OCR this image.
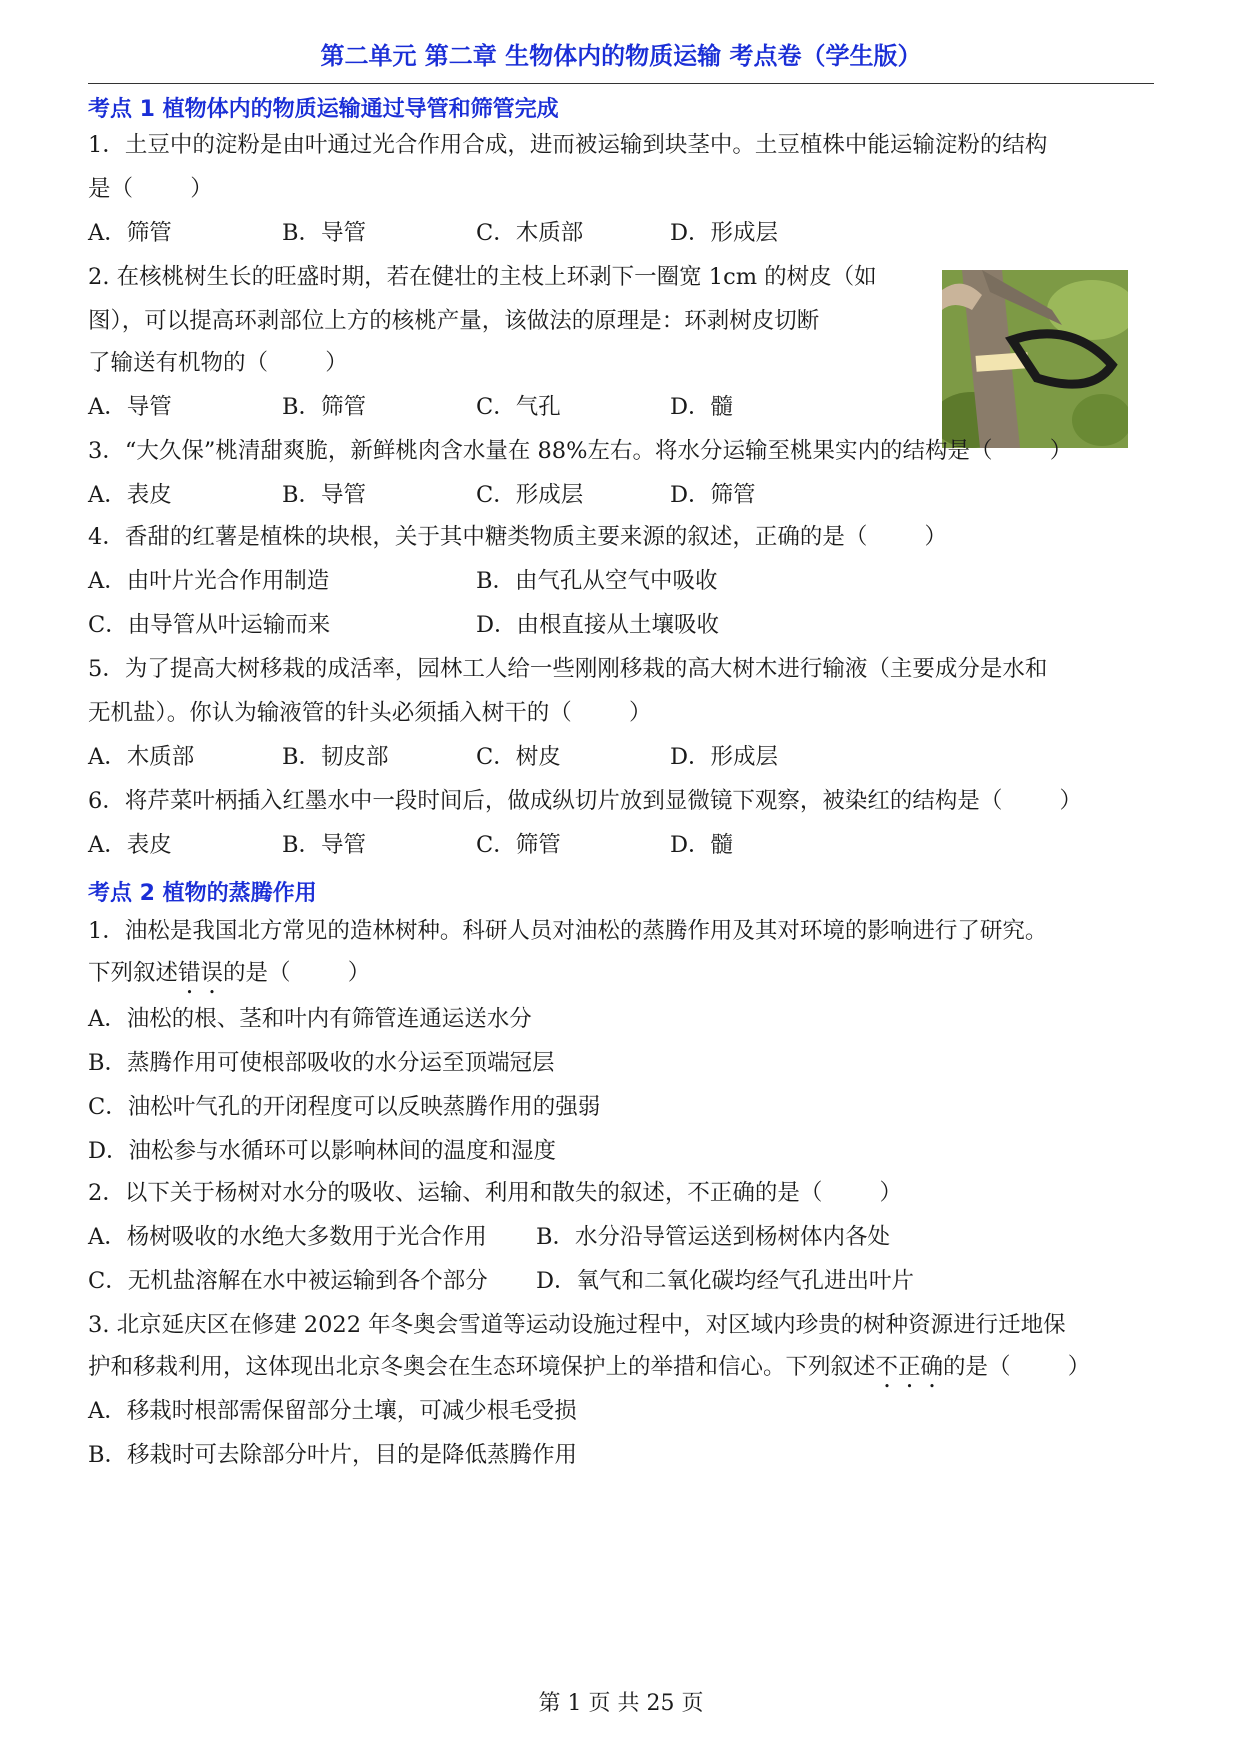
第二单元 第二章 生物体内的物质运输 考点卷（学生版）
考点 1 植物体内的物质运输通过导管和筛管完成
1．土豆中的淀粉是由叶通过光合作用合成，进而被运输到块茎中。土豆植株中能运输淀粉的结构
是（        ）
A．筛管	B．导管	C．木质部	D．形成层
2. 在核桃树生长的旺盛时期，若在健壮的主枝上环剥下一圈宽 1cm 的树皮（如
图），可以提高环剥部位上方的核桃产量，该做法的原理是：环剥树皮切断
了输送有机物的（        ）
A．导管	B．筛管	C．气孔	D．髓
3．“大久保”桃清甜爽脆，新鲜桃肉含水量在 88%左右。将水分运输至桃果实内的结构是（        ）
A．表皮	B．导管	C．形成层	D．筛管
4．香甜的红薯是植株的块根，关于其中糖类物质主要来源的叙述，正确的是（        ）
A．由叶片光合作用制造	B．由气孔从空气中吸收
C．由导管从叶运输而来	D．由根直接从土壤吸收
5．为了提高大树移栽的成活率，园林工人给一些刚刚移栽的高大树木进行输液（主要成分是水和
无机盐）。你认为输液管的针头必须插入树干的（        ）
A．木质部	B．韧皮部	C．树皮	D．形成层
6．将芹菜叶柄插入红墨水中一段时间后，做成纵切片放到显微镜下观察，被染红的结构是（        ）
A．表皮	B．导管	C．筛管	D．髓
考点 2 植物的蒸腾作用
1．油松是我国北方常见的造林树种。科研人员对油松的蒸腾作用及其对环境的影响进行了研究。
下列叙述错误的是（        ）
A．油松的根、茎和叶内有筛管连通运送水分
B．蒸腾作用可使根部吸收的水分运至顶端冠层
C．油松叶气孔的开闭程度可以反映蒸腾作用的强弱
D．油松参与水循环可以影响林间的温度和湿度
2．以下关于杨树对水分的吸收、运输、利用和散失的叙述，不正确的是（        ）
A．杨树吸收的水绝大多数用于光合作用 B．水分沿导管运送到杨树体内各处
C．无机盐溶解在水中被运输到各个部分 D．氧气和二氧化碳均经气孔进出叶片
3. 北京延庆区在修建 2022 年冬奥会雪道等运动设施过程中，对区域内珍贵的树种资源进行迁地保
护和移栽利用，这体现出北京冬奥会在生态环境保护上的举措和信心。下列叙述不正确的是（        ）
A．移栽时根部需保留部分土壤，可减少根毛受损
B．移栽时可去除部分叶片，目的是降低蒸腾作用
第 1 页 共 25 页
